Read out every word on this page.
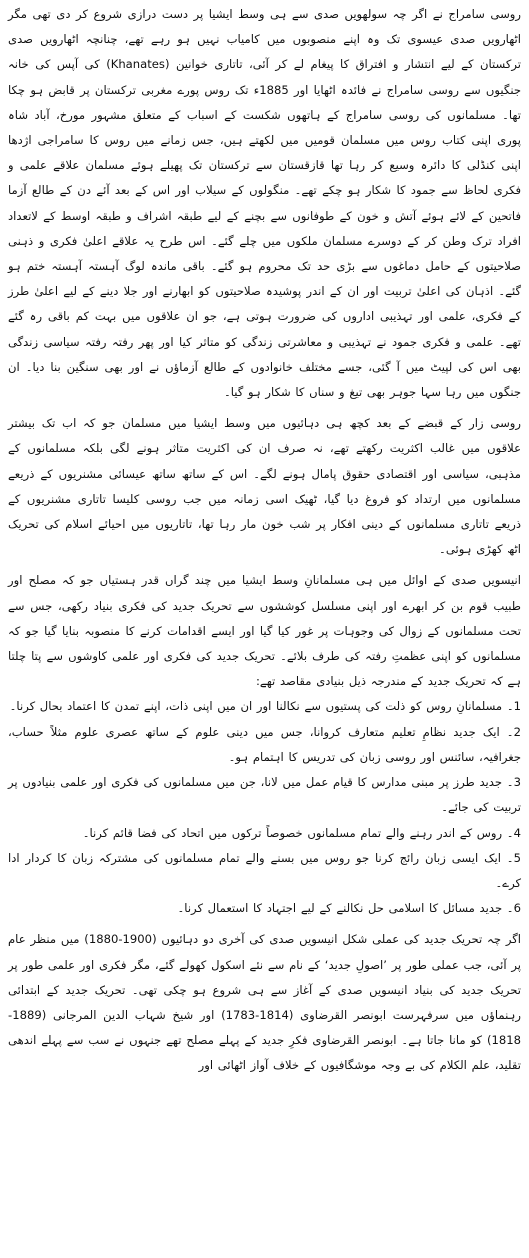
روسی سامراج نے اگر چہ سولھویں صدی سے ہی وسط ایشیا پر دست درازی شروع کر دی تھی مگر اٹھارویں صدی عیسوی تک وہ اپنے منصوبوں میں کامیاب نہیں ہو رہے تھے، چنانچہ اٹھارویں صدی ترکستان کے لیے انتشار و افتراق کا پیغام لے کر آئی، تاتاری خوانین (Khanates) کی آپس کی خانہ جنگیوں سے روسی سامراج نے فائدہ اٹھایا اور 1885ء تک روس پورے مغربی ترکستان پر قابض ہو چکا تھا۔ مسلمانوں کی روسی سامراج کے ہاتھوں شکست کے اسباب کے متعلق مشہور مورخ، آباد شاہ پوری اپنی کتاب روس میں مسلمان قومیں میں لکھتے ہیں، جس زمانے میں روس کا سامراجی اژدھا اپنی کنڈلی کا دائرہ وسیع کر رہا تھا قازقستان سے ترکستان تک پھیلے ہوئے مسلمان علاقے علمی و فکری لحاظ سے جمود کا شکار ہو چکے تھے۔ منگولوں کے سیلاب اور اس کے بعد آئے دن کے طالع آزما فاتحین کے لائے ہوئے آتش و خون کے طوفانوں سے بچنے کے لیے طبقہ اشراف و طبقہ اوسط کے لاتعداد افراد ترک وطن کر کے دوسرے مسلمان ملکوں میں چلے گئے۔ اس طرح یہ علاقے اعلیٰ فکری و ذہنی صلاحیتوں کے حامل دماغوں سے بڑی حد تک محروم ہو گئے۔ باقی ماندہ لوگ آہستہ آہستہ ختم ہو گئے۔ اذہان کی اعلیٰ تربیت اور ان کے اندر پوشیدہ صلاحیتوں کو ابھارنے اور جلا دینے کے لیے اعلیٰ طرز کے فکری، علمی اور تہذیبی اداروں کی ضرورت ہوتی ہے، جو ان علاقوں میں بہت کم باقی رہ گئے تھے۔ علمی و فکری جمود نے تہذیبی و معاشرتی زندگی کو متاثر کیا اور پھر رفتہ رفتہ سیاسی زندگی بھی اس کی لپیٹ میں آ گئی، جسے مختلف خانوادوں کے طالع آزماؤں نے اور بھی سنگین بنا دیا۔ ان جنگوں میں رہا سہا جوہر بھی تیغ و سناں کا شکار ہو گیا۔

روسی زار کے قبضے کے بعد کچھ ہی دہائیوں میں وسط ایشیا میں مسلمان جو کہ اب تک بیشتر علاقوں میں غالب اکثریت رکھتے تھے، نہ صرف ان کی اکثریت متاثر ہونے لگی بلکہ مسلمانوں کے مذہبی، سیاسی اور اقتصادی حقوق پامال ہونے لگے۔ اس کے ساتھ ساتھ عیسائی مشنریوں کے ذریعے مسلمانوں میں ارتداد کو فروغ دیا گیا، ٹھیک اسی زمانہ میں جب روسی کلیسا تاتاری مشنریوں کے ذریعے تاتاری مسلمانوں کے دینی افکار پر شب خون مار رہا تھا، تاتاریوں میں احیائے اسلام کی تحریک اٹھ کھڑی ہوئی۔

انیسویں صدی کے اوائل میں ہی مسلمانانِ وسط ایشیا میں چند گراں قدر ہستیاں جو کہ مصلح اور طبیب قوم بن کر ابھرے اور اپنی مسلسل کوششوں سے تحریک جدید کی فکری بنیاد رکھی، جس سے تحت مسلمانوں کے زوال کی وجوہات پر غور کیا گیا اور ایسے اقدامات کرنے کا منصوبہ بنایا گیا جو کہ مسلمانوں کو اپنی عظمتِ رفتہ کی طرف بلائے۔ تحریک جدید کی فکری اور علمی کاوشوں سے پتا چلتا ہے کہ تحریک جدید کے مندرجہ ذیل بنیادی مقاصد تھے:

1۔ مسلمانانِ روس کو ذلت کی پستیوں سے نکالنا اور ان میں اپنی ذات، اپنے تمدن کا اعتماد بحال کرنا۔

2۔ ایک جدید نظامِ تعلیم متعارف کروانا، جس میں دینی علوم کے ساتھ عصری علوم مثلاً حساب، جغرافیہ، سائنس اور روسی زبان کی تدریس کا اہتمام ہو۔

3۔ جدید طرز پر مبنی مدارس کا قیام عمل میں لانا، جن میں مسلمانوں کی فکری اور علمی بنیادوں پر تربیت کی جائے۔

4۔ روس کے اندر رہنے والے تمام مسلمانوں خصوصاً ترکوں میں اتحاد کی فضا قائم کرنا۔

5۔ ایک ایسی زبان رائج کرنا جو روس میں بسنے والے تمام مسلمانوں کی مشترکہ زبان کا کردار ادا کرے۔

6۔ جدید مسائل کا اسلامی حل نکالنے کے لیے اجتہاد کا استعمال کرنا۔

اگر چہ تحریک جدید کی عملی شکل انیسویں صدی کی آخری دو دہائیوں (1900-1880) میں منظر عام پر آئی، جب عملی طور پر ’اصولِ جدید‘ کے نام سے نئے اسکول کھولے گئے، مگر فکری اور علمی طور پر تحریک جدید کی بنیاد انیسویں صدی کے آغاز سے ہی شروع ہو چکی تھی۔ تحریک جدید کے ابتدائی رہنماؤں میں سرفہرست ابونصر القرضاوی (1814-1783) اور شیخ شہاب الدین المرجانی (1889-1818) کو مانا جاتا ہے۔ ابونصر القرضاوی فکرِ جدید کے پہلے مصلح تھے جنہوں نے سب سے پہلے اندھی تقلید، علم الکلام کی بے وجہ موشگافیوں کے خلاف آواز اٹھائی اور
